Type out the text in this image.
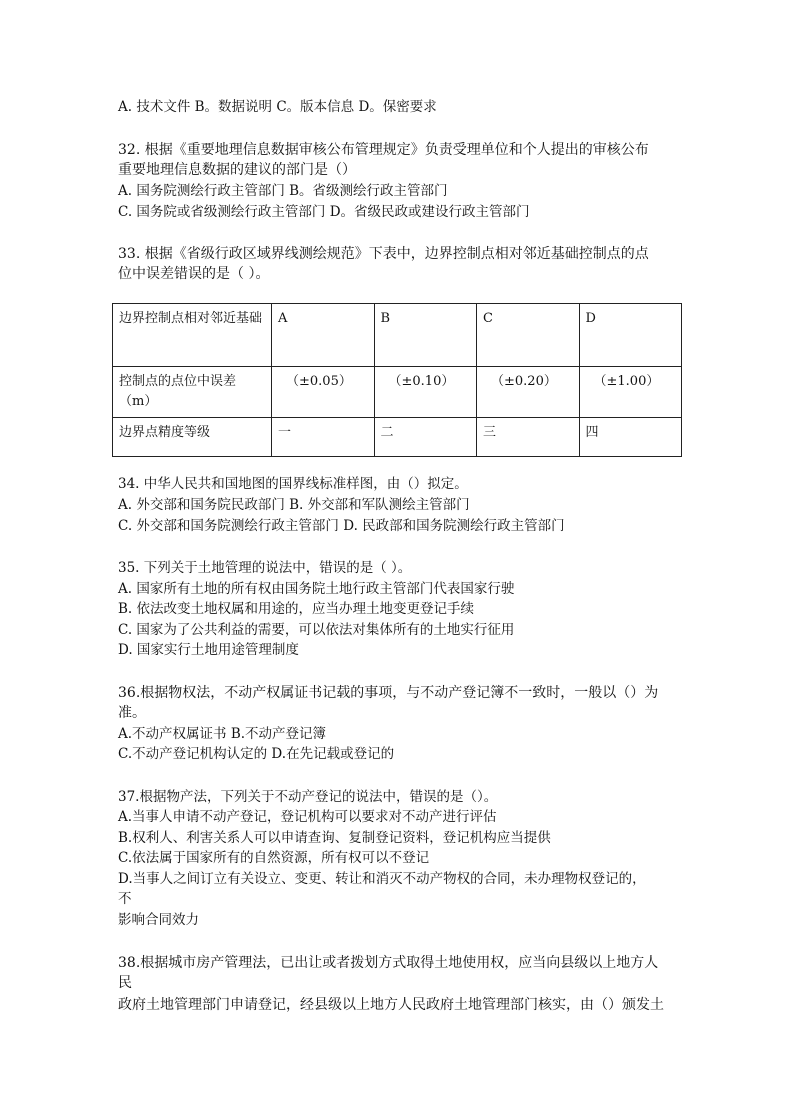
A. 技术文件 B。数据说明 C。版本信息 D。保密要求
32. 根据《重要地理信息数据审核公布管理规定》负责受理单位和个人提出的审核公布
重要地理信息数据的建议的部门是（）
A. 国务院测绘行政主管部门 B。省级测绘行政主管部门
C. 国务院或省级测绘行政主管部门 D。省级民政或建设行政主管部门
33. 根据《省级行政区域界线测绘规范》下表中，边界控制点相对邻近基础控制点的点
位中误差错误的是（ ）。
边界控制点相对邻近基础	A	B	C	D
控制点的点位中误差（m）	（±0.05）	（±0.10）	（±0.20）	（±1.00）
边界点精度等级	一	二	三	四
34. 中华人民共和国地图的国界线标准样图，由（）拟定。
A. 外交部和国务院民政部门 B. 外交部和军队测绘主管部门
C. 外交部和国务院测绘行政主管部门 D. 民政部和国务院测绘行政主管部门
35. 下列关于土地管理的说法中，错误的是（ ）。
A. 国家所有土地的所有权由国务院土地行政主管部门代表国家行驶
B. 依法改变土地权属和用途的，应当办理土地变更登记手续
C. 国家为了公共利益的需要，可以依法对集体所有的土地实行征用
D. 国家实行土地用途管理制度
36.根据物权法，不动产权属证书记载的事项，与不动产登记簿不一致时，一般以（）为
准。
A.不动产权属证书 B.不动产登记簿
C.不动产登记机构认定的 D.在先记载或登记的
37.根据物产法，下列关于不动产登记的说法中，错误的是（）。
A.当事人申请不动产登记，登记机构可以要求对不动产进行评估
B.权利人、利害关系人可以申请查询、复制登记资料，登记机构应当提供
C.依法属于国家所有的自然资源，所有权可以不登记
D.当事人之间订立有关设立、变更、转让和消灭不动产物权的合同，未办理物权登记的，
不
影响合同效力
38.根据城市房产管理法，已出让或者拨划方式取得土地使用权，应当向县级以上地方人
民
政府土地管理部门申请登记，经县级以上地方人民政府土地管理部门核实，由（）颁发土
